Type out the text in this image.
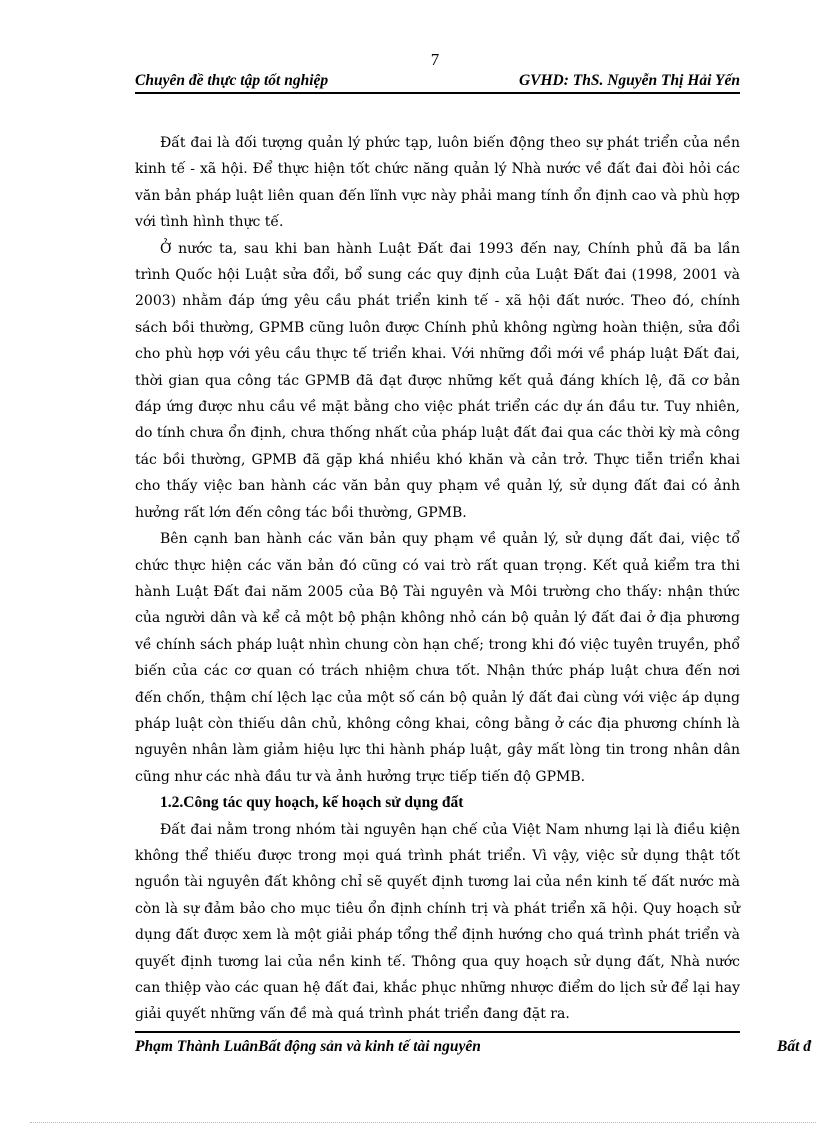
7
Chuyên đề thực tập tốt nghiệp	GVHD: ThS. Nguyễn Thị Hải Yến

Đất đai là đối tượng quản lý phức tạp, luôn biến động theo sự phát triển của nền kinh tế - xã hội. Để thực hiện tốt chức năng quản lý Nhà nước về đất đai đòi hỏi các văn bản pháp luật liên quan đến lĩnh vực này phải mang tính ổn định cao và phù hợp với tình hình thực tế.

Ở nước ta, sau khi ban hành Luật Đất đai 1993 đến nay, Chính phủ đã ba lần trình Quốc hội Luật sửa đổi, bổ sung các quy định của Luật Đất đai (1998, 2001 và 2003) nhằm đáp ứng yêu cầu phát triển kinh tế - xã hội đất nước. Theo đó, chính sách bồi thường, GPMB cũng luôn được Chính phủ không ngừng hoàn thiện, sửa đổi cho phù hợp với yêu cầu thực tế triển khai. Với những đổi mới về pháp luật Đất đai, thời gian qua công tác GPMB đã đạt được những kết quả đáng khích lệ, đã cơ bản đáp ứng được nhu cầu về mặt bằng cho việc phát triển các dự án đầu tư. Tuy nhiên, do tính chưa ổn định, chưa thống nhất của pháp luật đất đai qua các thời kỳ mà công tác bồi thường, GPMB đã gặp khá nhiều khó khăn và cản trở. Thực tiễn triển khai cho thấy việc ban hành các văn bản quy phạm về quản lý, sử dụng đất đai có ảnh hưởng rất lớn đến công tác bồi thường, GPMB.

Bên cạnh ban hành các văn bản quy phạm về quản lý, sử dụng đất đai, việc tổ chức thực hiện các văn bản đó cũng có vai trò rất quan trọng. Kết quả kiểm tra thi hành Luật Đất đai năm 2005 của Bộ Tài nguyên và Môi trường cho thấy: nhận thức của người dân và kể cả một bộ phận không nhỏ cán bộ quản lý đất đai ở địa phương về chính sách pháp luật nhìn chung còn hạn chế; trong khi đó việc tuyên truyền, phổ biến của các cơ quan có trách nhiệm chưa tốt. Nhận thức pháp luật chưa đến nơi đến chốn, thậm chí lệch lạc của một số cán bộ quản lý đất đai cùng với việc áp dụng pháp luật còn thiếu dân chủ, không công khai, công bằng ở các địa phương chính là nguyên nhân làm giảm hiệu lực thi hành pháp luật, gây mất lòng tin trong nhân dân cũng như các nhà đầu tư và ảnh hưởng trực tiếp tiến độ GPMB.

1.2.Công tác quy hoạch, kế hoạch sử dụng đất

Đất đai nằm trong nhóm tài nguyên hạn chế của Việt Nam nhưng lại là điều kiện không thể thiếu được trong mọi quá trình phát triển. Vì vậy, việc sử dụng thật tốt nguồn tài nguyên đất không chỉ sẽ quyết định tương lai của nền kinh tế đất nước mà còn là sự đảm bảo cho mục tiêu ổn định chính trị và phát triển xã hội. Quy hoạch sử dụng đất được xem là một giải pháp tổng thể định hướng cho quá trình phát triển và quyết định tương lai của nền kinh tế. Thông qua quy hoạch sử dụng đất, Nhà nước can thiệp vào các quan hệ đất đai, khắc phục những nhược điểm do lịch sử để lại hay giải quyết những vấn đề mà quá trình phát triển đang đặt ra.

Phạm Thành LuânBất động sản và kinh tế tài nguyên	Bất đ
